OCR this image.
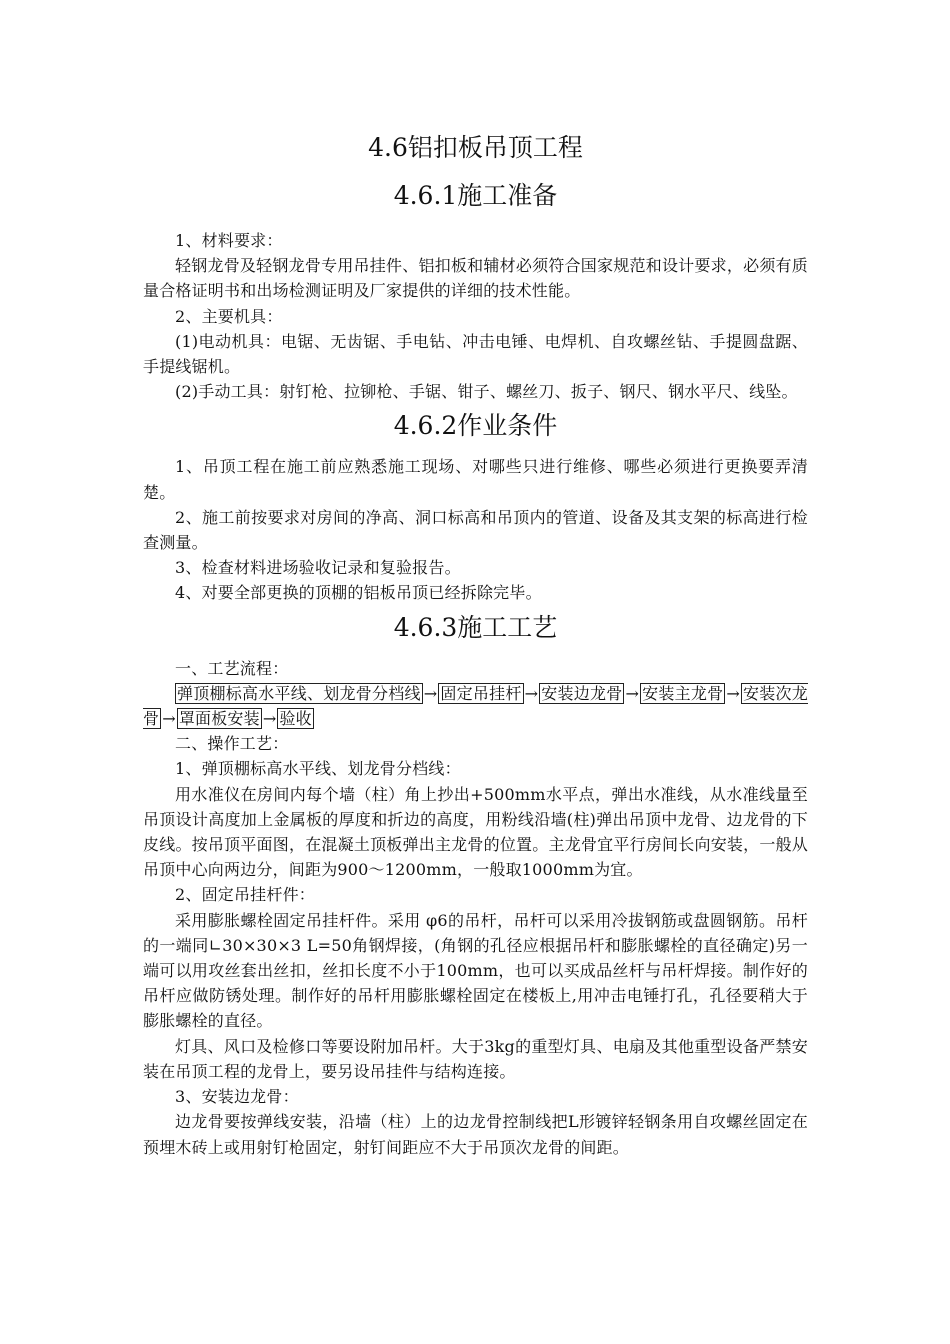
4.6铝扣板吊顶工程
4.6.1施工准备

1、材料要求：

轻钢龙骨及轻钢龙骨专用吊挂件、铝扣板和辅材必须符合国家规范和设计要求，必须有质量合格证明书和出场检测证明及厂家提供的详细的技术性能。

2、主要机具：

(1)电动机具：电锯、无齿锯、手电钻、冲击电锤、电焊机、自攻螺丝钻、手提圆盘踞、手提线锯机。

(2)手动工具：射钉枪、拉铆枪、手锯、钳子、螺丝刀、扳子、钢尺、钢水平尺、线坠。

4.6.2作业条件

1、吊顶工程在施工前应熟悉施工现场、对哪些只进行维修、哪些必须进行更换要弄清楚。

2、施工前按要求对房间的净高、洞口标高和吊顶内的管道、设备及其支架的标高进行检查测量。

3、检查材料进场验收记录和复验报告。

4、对要全部更换的顶棚的铝板吊顶已经拆除完毕。

4.6.3施工工艺

一、工艺流程：

弹顶棚标高水平线、划龙骨分档线 → 固定吊挂杆 → 安装边龙骨 → 安装主龙骨 → 安装次龙骨 → 罩面板安装 → 验收

二、操作工艺：

1、弹顶棚标高水平线、划龙骨分档线：

用水准仪在房间内每个墙（柱）角上抄出+500mm水平点，弹出水准线，从水准线量至吊顶设计高度加上金属板的厚度和折边的高度，用粉线沿墙(柱)弹出吊顶中龙骨、边龙骨的下皮线。按吊顶平面图，在混凝土顶板弹出主龙骨的位置。主龙骨宜平行房间长向安装，一般从吊顶中心向两边分，间距为900～1200mm，一般取1000mm为宜。

2、固定吊挂杆件：

采用膨胀螺栓固定吊挂杆件。采用 φ6的吊杆，吊杆可以采用冷拔钢筋或盘圆钢筋。吊杆的一端同∟30×30×3 L=50角钢焊接，(角钢的孔径应根据吊杆和膨胀螺栓的直径确定)另一端可以用攻丝套出丝扣，丝扣长度不小于100mm，也可以买成品丝杆与吊杆焊接。制作好的吊杆应做防锈处理。制作好的吊杆用膨胀螺栓固定在楼板上,用冲击电锤打孔，孔径要稍大于膨胀螺栓的直径。

灯具、风口及检修口等要设附加吊杆。大于3kg的重型灯具、电扇及其他重型设备严禁安装在吊顶工程的龙骨上，要另设吊挂件与结构连接。

3、安装边龙骨：

边龙骨要按弹线安装，沿墙（柱）上的边龙骨控制线把L形镀锌轻钢条用自攻螺丝固定在预埋木砖上或用射钉枪固定，射钉间距应不大于吊顶次龙骨的间距。
